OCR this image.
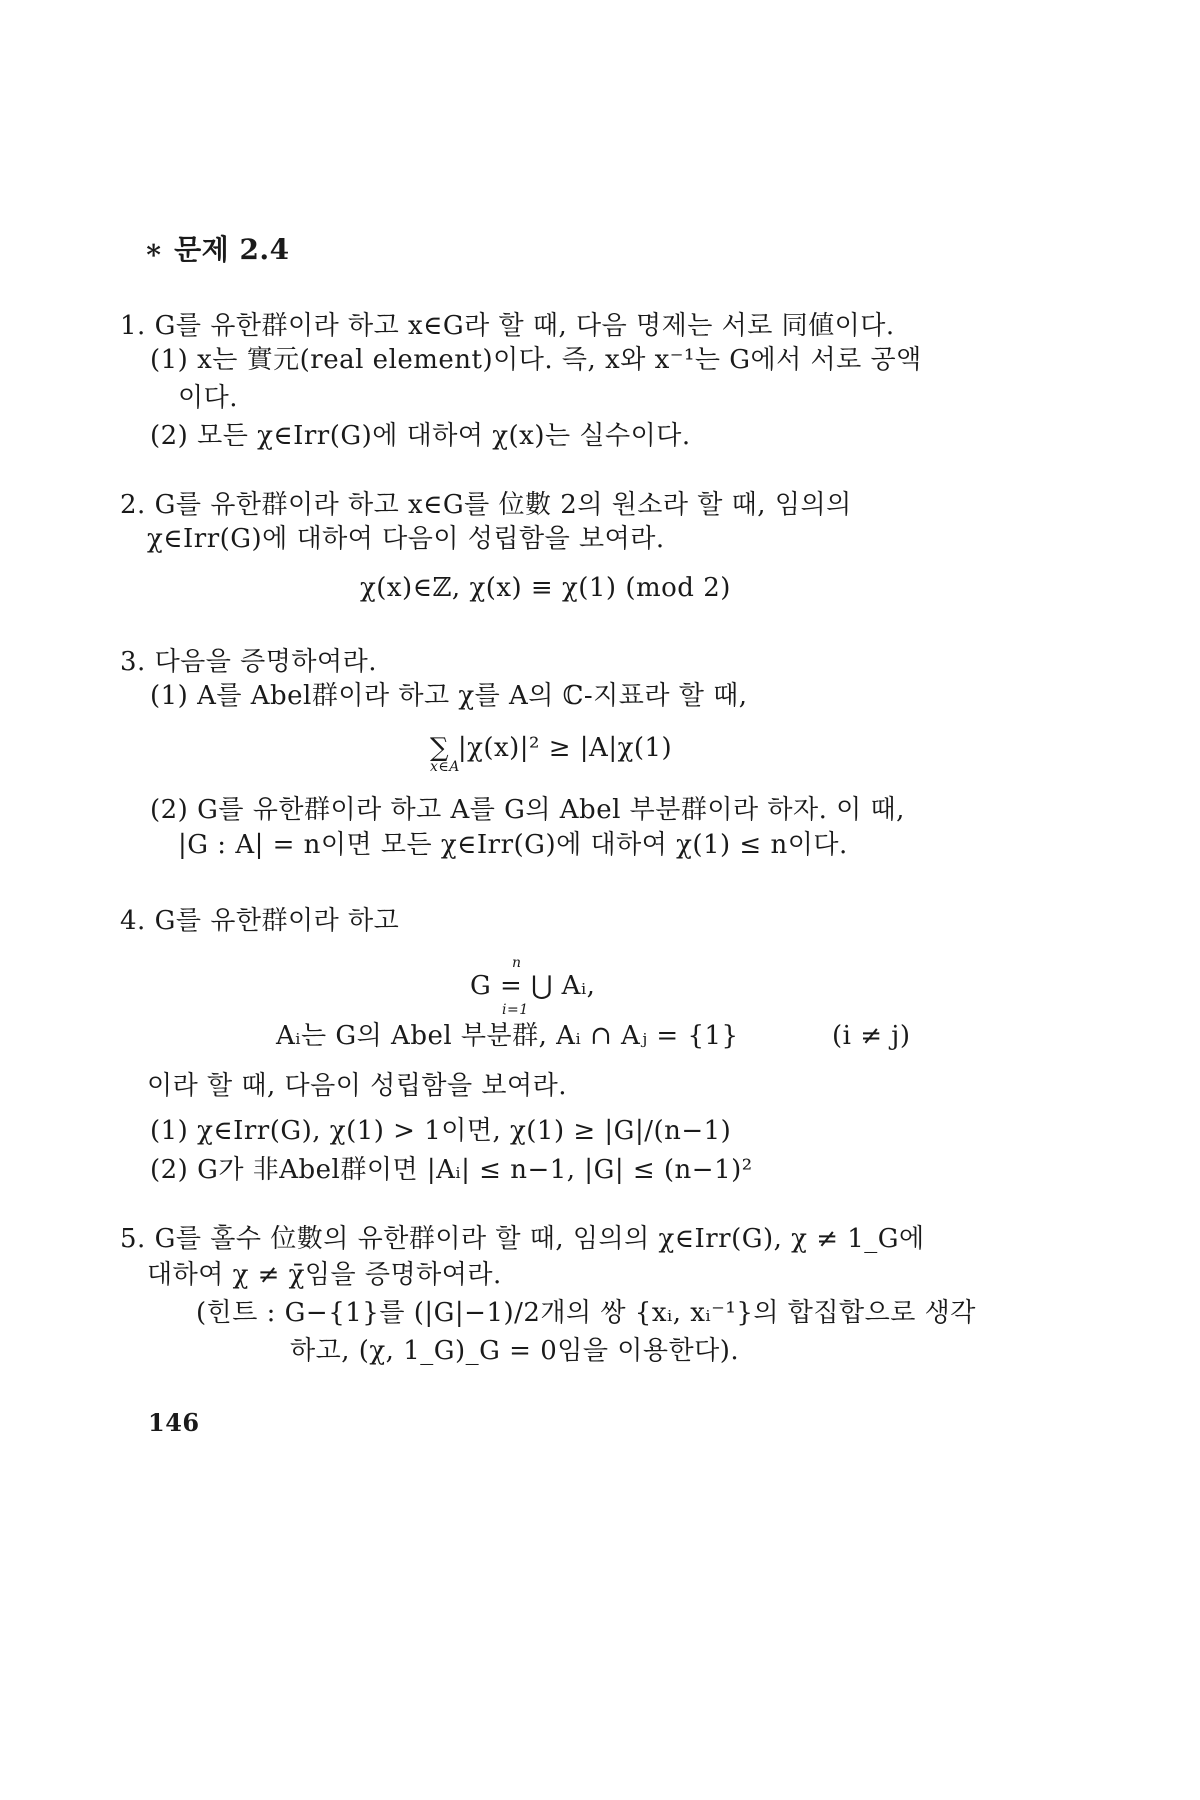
∗ 문제 2.4
1. G를 유한群이라 하고 x∈G라 할 때, 다음 명제는 서로 同値이다.
(1) x는 實元(real element)이다. 즉, x와 x⁻¹는 G에서 서로 공액
이다.
(2) 모든 χ∈Irr(G)에 대하여 χ(x)는 실수이다.
2. G를 유한群이라 하고 x∈G를 位數 2의 원소라 할 때, 임의의
χ∈Irr(G)에 대하여 다음이 성립함을 보여라.
χ(x)∈ℤ, χ(x) ≡ χ(1) (mod 2)
3. 다음을 증명하여라.
(1) A를 Abel群이라 하고 χ를 A의 ℂ-지표라 할 때,
∑ |χ(x)|² ≥ |A|χ(1)
x∈A
(2) G를 유한群이라 하고 A를 G의 Abel 부분群이라 하자. 이 때,
|G : A| = n이면 모든 χ∈Irr(G)에 대하여 χ(1) ≤ n이다.
4. G를 유한群이라 하고
n
G = ⋃ Aᵢ,
i=1
Aᵢ는 G의 Abel 부분群, Aᵢ ∩ Aⱼ = {1}	(i ≠ j)
이라 할 때, 다음이 성립함을 보여라.
(1) χ∈Irr(G), χ(1) > 1이면, χ(1) ≥ |G|/(n−1)
(2) G가 非Abel群이면 |Aᵢ| ≤ n−1, |G| ≤ (n−1)²
5. G를 홀수 位數의 유한群이라 할 때, 임의의 χ∈Irr(G), χ ≠ 1_G에
대하여 χ ≠ χ̄임을 증명하여라.
(힌트 : G−{1}를 (|G|−1)/2개의 쌍 {xᵢ, xᵢ⁻¹}의 합집합으로 생각
하고, (χ, 1_G)_G = 0임을 이용한다).
146
